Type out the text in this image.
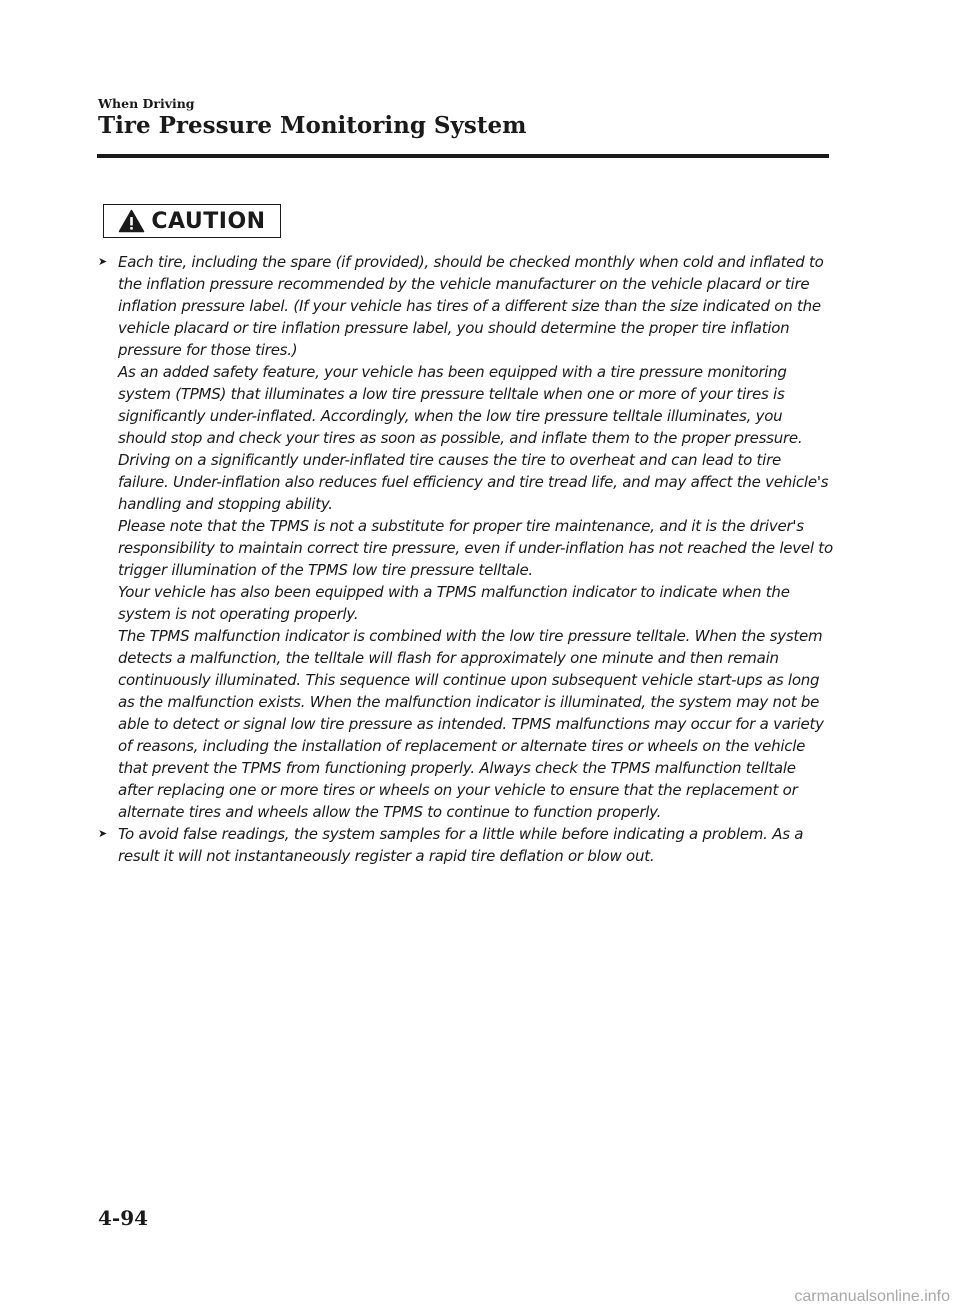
When Driving

Tire Pressure Monitoring System
CAUTION
➤ Each tire, including the spare (if provided), should be checked monthly when cold and inflated to the inflation pressure recommended by the vehicle manufacturer on the vehicle placard or tire inflation pressure label. (If your vehicle has tires of a different size than the size indicated on the vehicle placard or tire inflation pressure label, you should determine the proper tire inflation pressure for those tires.)

As an added safety feature, your vehicle has been equipped with a tire pressure monitoring system (TPMS) that illuminates a low tire pressure telltale when one or more of your tires is significantly under-inflated. Accordingly, when the low tire pressure telltale illuminates, you should stop and check your tires as soon as possible, and inflate them to the proper pressure. Driving on a significantly under-inflated tire causes the tire to overheat and can lead to tire failure. Under-inflation also reduces fuel efficiency and tire tread life, and may affect the vehicle's handling and stopping ability.

Please note that the TPMS is not a substitute for proper tire maintenance, and it is the driver's responsibility to maintain correct tire pressure, even if under-inflation has not reached the level to trigger illumination of the TPMS low tire pressure telltale.

Your vehicle has also been equipped with a TPMS malfunction indicator to indicate when the system is not operating properly.

The TPMS malfunction indicator is combined with the low tire pressure telltale. When the system detects a malfunction, the telltale will flash for approximately one minute and then remain continuously illuminated. This sequence will continue upon subsequent vehicle start-ups as long as the malfunction exists. When the malfunction indicator is illuminated, the system may not be able to detect or signal low tire pressure as intended. TPMS malfunctions may occur for a variety of reasons, including the installation of replacement or alternate tires or wheels on the vehicle that prevent the TPMS from functioning properly. Always check the TPMS malfunction telltale after replacing one or more tires or wheels on your vehicle to ensure that the replacement or alternate tires and wheels allow the TPMS to continue to function properly.

➤ To avoid false readings, the system samples for a little while before indicating a problem. As a result it will not instantaneously register a rapid tire deflation or blow out.

4-94

carmanualsonline.info
